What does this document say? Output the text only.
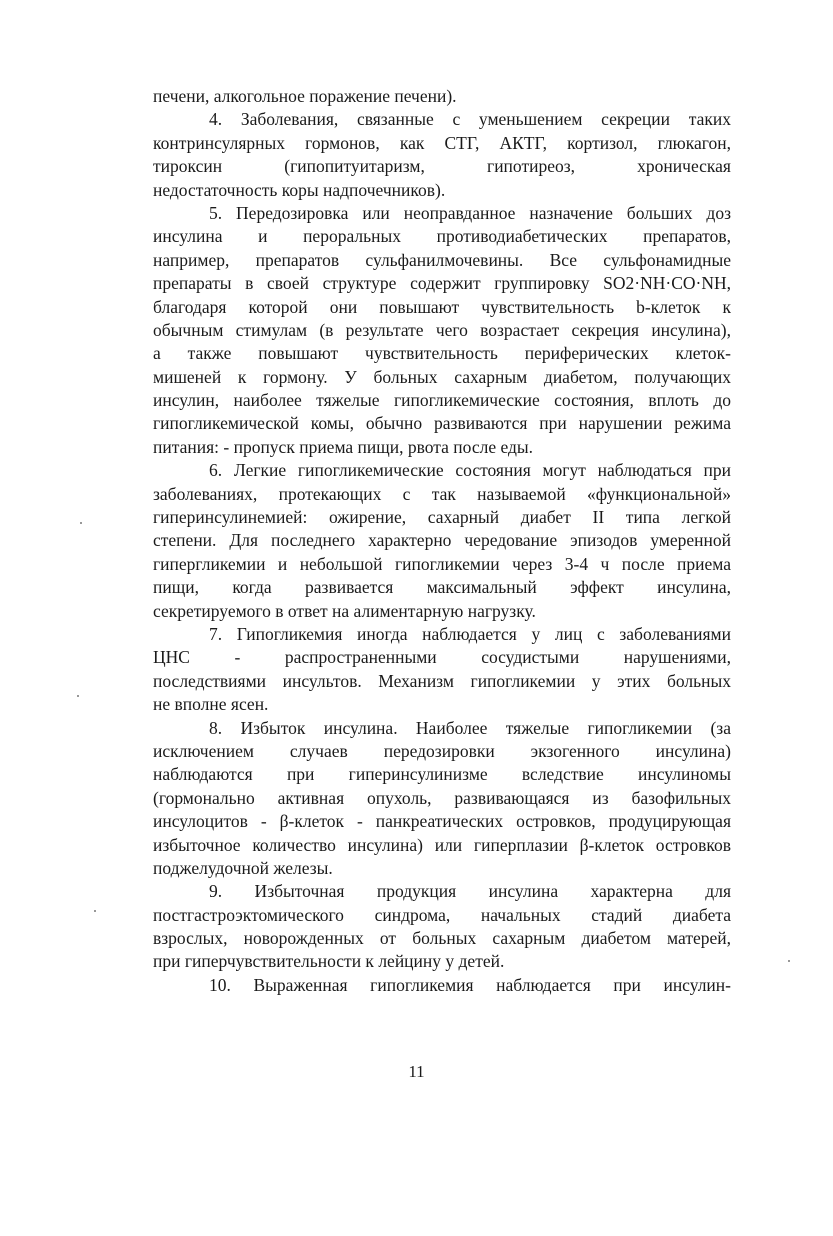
печени, алкогольное поражение печени).

4. Заболевания, связанные с уменьшением секреции таких

контринсулярных гормонов, как СТГ, АКТГ, кортизол, глюкагон,

тироксин (гипопитуитаризм, гипотиреоз, хроническая

недостаточность коры надпочечников).

5. Передозировка или неоправданное назначение больших доз

инсулина и пероральных противодиабетических препаратов,

например, препаратов сульфанилмочевины. Все сульфонамидные

препараты в своей структуре содержит группировку SO2·NH·CO·NH,

благодаря которой они повышают чувствительность b-клеток к

обычным стимулам (в результате чего возрастает секреция инсулина),

а также повышают чувствительность периферических клеток-

мишеней к гормону. У больных сахарным диабетом, получающих

инсулин, наиболее тяжелые гипогликемические состояния, вплоть до

гипогликемической комы, обычно развиваются при нарушении режима

питания: - пропуск приема пищи, рвота после еды.

6. Легкие гипогликемические состояния могут наблюдаться при

заболеваниях, протекающих с так называемой «функциональной»

гиперинсулинемией: ожирение, сахарный диабет II типа легкой

степени. Для последнего характерно чередование эпизодов умеренной

гипергликемии и небольшой гипогликемии через 3-4 ч после приема

пищи, когда развивается максимальный эффект инсулина,

секретируемого в ответ на алиментарную нагрузку.

7. Гипогликемия иногда наблюдается у лиц с заболеваниями

ЦНС - распространенными сосудистыми нарушениями,

последствиями инсультов. Механизм гипогликемии у этих больных

не вполне ясен.

8. Избыток инсулина. Наиболее тяжелые гипогликемии (за

исключением случаев передозировки экзогенного инсулина)

наблюдаются при гиперинсулинизме вследствие инсулиномы

(гормонально активная опухоль, развивающаяся из базофильных

инсулоцитов - β-клеток - панкреатических островков, продуцирующая

избыточное количество инсулина) или гиперплазии β-клеток островков

поджелудочной железы.

9. Избыточная продукция инсулина характерна для

постгастроэктомического синдрома, начальных стадий диабета

взрослых, новорожденных от больных сахарным диабетом матерей,

при гиперчувствительности к лейцину у детей.

10. Выраженная гипогликемия наблюдается при инсулин-

11
